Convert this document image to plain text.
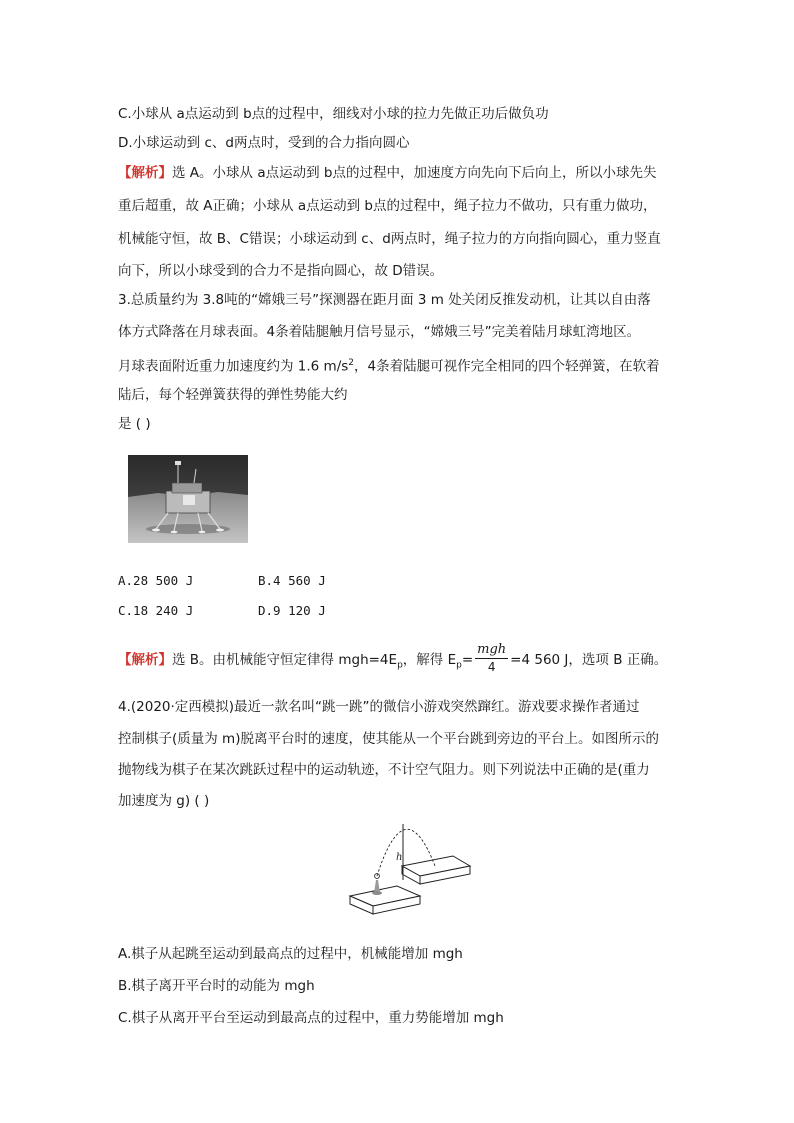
C.小球从 a点运动到 b点的过程中，细线对小球的拉力先做正功后做负功
D.小球运动到 c、d两点时，受到的合力指向圆心
【解析】选 A。小球从 a点运动到 b点的过程中，加速度方向先向下后向上，所以小球先失
重后超重，故 A正确；小球从 a点运动到 b点的过程中，绳子拉力不做功，只有重力做功，
机械能守恒，故 B、C错误；小球运动到 c、d两点时，绳子拉力的方向指向圆心，重力竖直
向下，所以小球受到的合力不是指向圆心，故 D错误。
3.总质量约为 3.8吨的“嫦娥三号”探测器在距月面 3 m 处关闭反推发动机，让其以自由落
体方式降落在月球表面。4条着陆腿触月信号显示，“嫦娥三号”完美着陆月球虹湾地区。
月球表面附近重力加速度约为 1.6 $m/s^2$，4条着陆腿可视作完全相同的四个轻弹簧，在软着
陆后，每个轻弹簧获得的弹性势能大约
是 ( )
A.28 500 J	B.4 560 J
C.18 240 J	D.9 120 J
【解析】选 B。由机械能守恒定律得 $mgh=4E_p$，解得 $E_p= \frac{\text{mgh}}{4} =4$ 560 J，选项 B 正确。
4.(2020·定西模拟)最近一款名叫“跳一跳”的微信小游戏突然蹿红。游戏要求操作者通过
控制棋子(质量为 m)脱离平台时的速度，使其能从一个平台跳到旁边的平台上。如图所示的
抛物线为棋子在某次跳跃过程中的运动轨迹，不计空气阻力。则下列说法中正确的是(重力
加速度为 g) ( )
h
A.棋子从起跳至运动到最高点的过程中，机械能增加 mgh
B.棋子离开平台时的动能为 mgh
C.棋子从离开平台至运动到最高点的过程中，重力势能增加 mgh
